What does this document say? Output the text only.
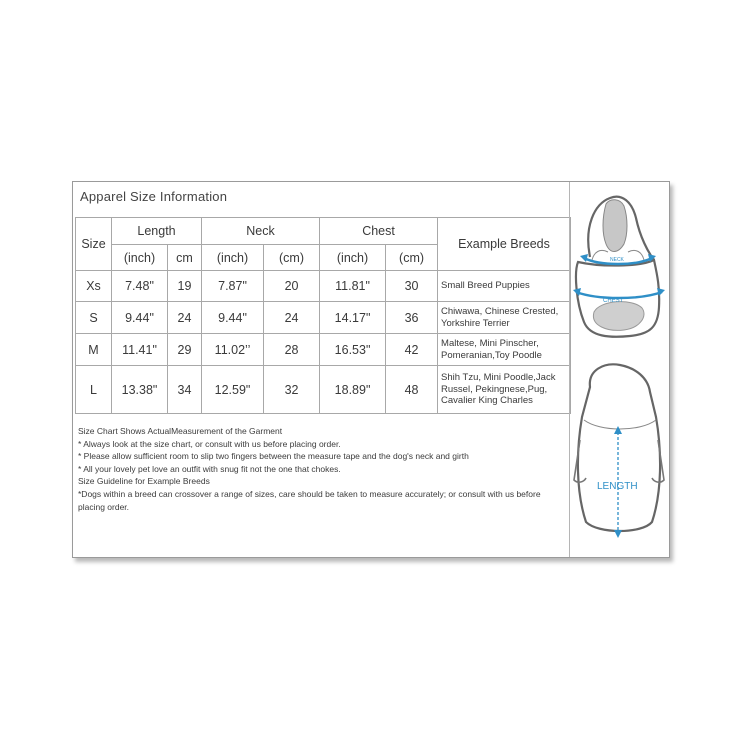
Apparel Size Information
Size	Length		Neck		Chest		Example Breeds
	(inch)	cm	(inch)	(cm)	(inch)	(cm)	
Xs	7.48"	19	7.87"	20	11.81"	30	Small Breed Puppies
S	9.44"	24	9.44"	24	14.17"	36	Chiwawa, Chinese Crested, Yorkshire Terrier
M	11.41"	29	11.02’’	28	16.53"	42	Maltese, Mini Pinscher, Pomeranian,Toy Poodle
L	13.38"	34	12.59"	32	18.89"	48	Shih Tzu, Mini Poodle,Jack Russel, Pekingnese,Pug, Cavalier King Charles
Size Chart Shows ActualMeasurement of the Garment
* Always look at the size chart, or consult with us before placing order.
* Please allow sufficient room to slip two fingers between the measure tape and the dog's neck and girth
* All your lovely pet love an outfit with snug fit not the one that chokes.
Size Guideline for Example Breeds
*Dogs within a breed can crossover a range of sizes, care should be taken to measure accurately; or consult with us before placing order.
NECK
CHEST
LENGTH
